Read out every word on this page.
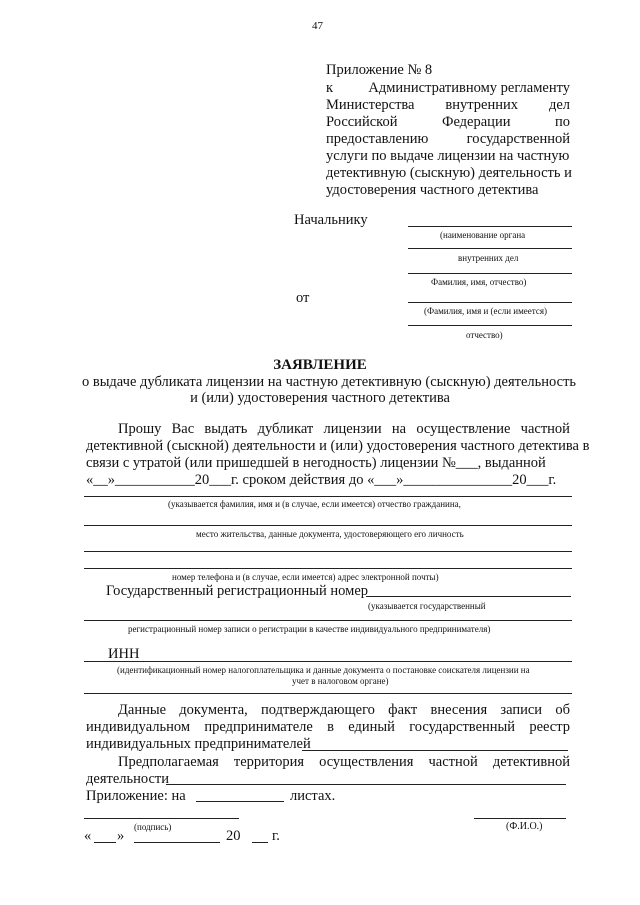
47
Приложение № 8
к Административному регламенту
Министерства внутренних дел
Российской	Федерации	по
предоставлению	государственной
услуги по выдаче лицензии на частную
детективную (сыскную) деятельность и
удостоверения частного детектива
Начальнику
(наименование органа
внутренних дел
Фамилия, имя, отчество)
от
(Фамилия, имя и (если имеется)
отчество)
ЗАЯВЛЕНИЕ
о выдаче дубликата лицензии на частную детективную (сыскную) деятельность
и (или) удостоверения частного детектива
Прошу Вас выдать дубликат лицензии на осуществление частной
детективной (сыскной) деятельности и (или) удостоверения частного детектива в
связи с утратой (или пришедшей в негодность) лицензии №___, выданной
«__»___________20___г. сроком действия до «___»_______________20___г.
(указывается фамилия, имя и (в случае, если имеется) отчество гражданина,
место жительства, данные документа, удостоверяющего его личность
номер телефона и (в случае, если имеется) адрес электронной почты)
Государственный регистрационный номер
(указывается государственный
регистрационный номер записи о регистрации в качестве индивидуального предпринимателя)
ИНН
(идентификационный номер налогоплательщика и данные документа о постановке соискателя лицензии на
учет в налоговом органе)
Данные документа, подтверждающего факт внесения записи об
индивидуальном предпринимателе в единый государственный реестр
индивидуальных предпринимателей
Предполагаемая территория осуществления частной детективной
деятельности
Приложение: на	листах.
(подпись)	(Ф.И.О.)
« »	20 г.
